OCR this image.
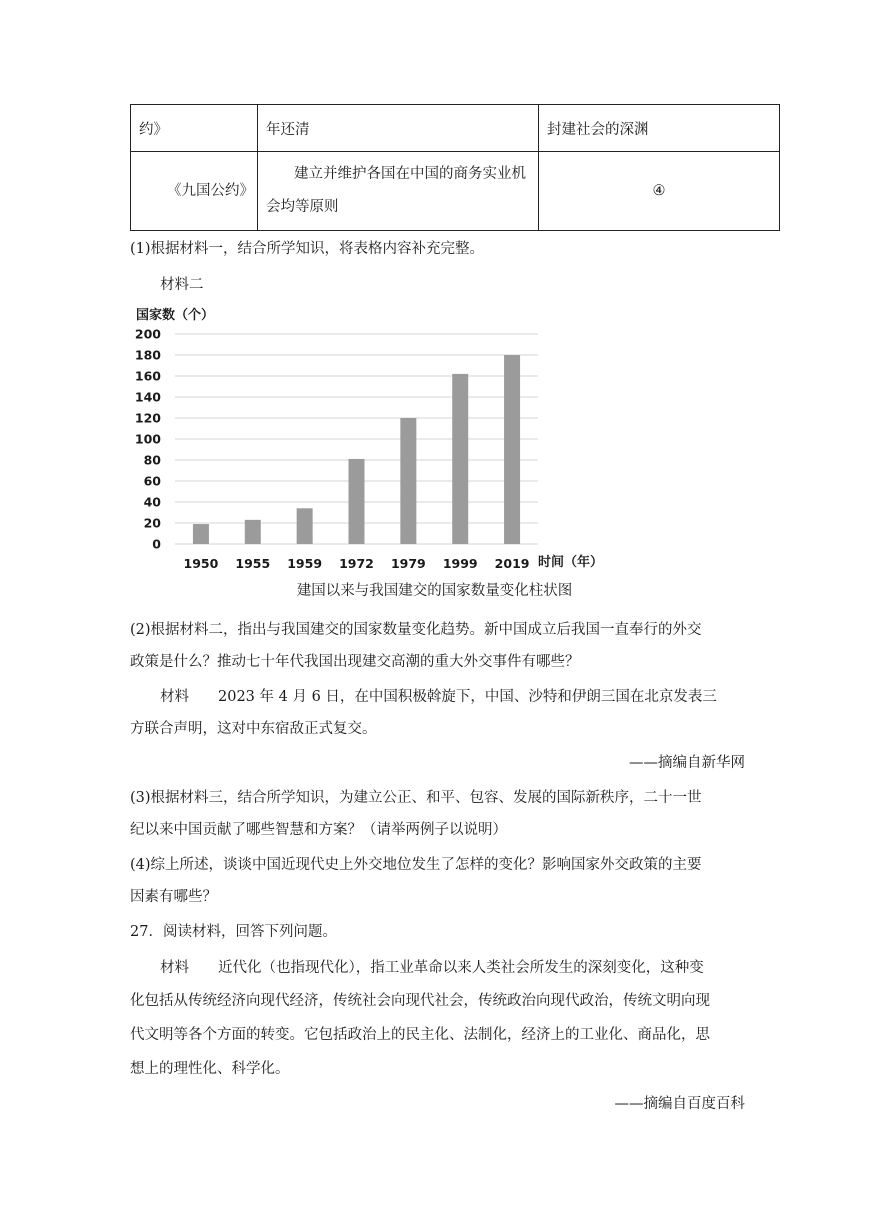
约》	年还清	封建社会的深渊
《九国公约》	建立并维护各国在中国的商务实业机会均等原则	④
(1)根据材料一，结合所学知识，将表格内容补充完整。
材料二
国家数（个）
0
20
40
60
80
100
120
140
160
180
200
1950 1955 1959 1972 1979 1999 2019 时间（年）
建国以来与我国建交的国家数量变化柱状图
(2)根据材料二，指出与我国建交的国家数量变化趋势。新中国成立后我国一直奉行的外交
政策是什么？推动七十年代我国出现建交高潮的重大外交事件有哪些？
材料　　2023 年 4 月 6 日，在中国积极斡旋下，中国、沙特和伊朗三国在北京发表三
方联合声明，这对中东宿敌正式复交。
——摘编自新华网
(3)根据材料三，结合所学知识，为建立公正、和平、包容、发展的国际新秩序，二十一世
纪以来中国贡献了哪些智慧和方案？（请举两例子以说明）
(4)综上所述，谈谈中国近现代史上外交地位发生了怎样的变化？影响国家外交政策的主要
因素有哪些？
27．阅读材料，回答下列问题。
材料　　近代化（也指现代化），指工业革命以来人类社会所发生的深刻变化，这种变
化包括从传统经济向现代经济，传统社会向现代社会，传统政治向现代政治，传统文明向现
代文明等各个方面的转变。它包括政治上的民主化、法制化，经济上的工业化、商品化，思
想上的理性化、科学化。
——摘编自百度百科
